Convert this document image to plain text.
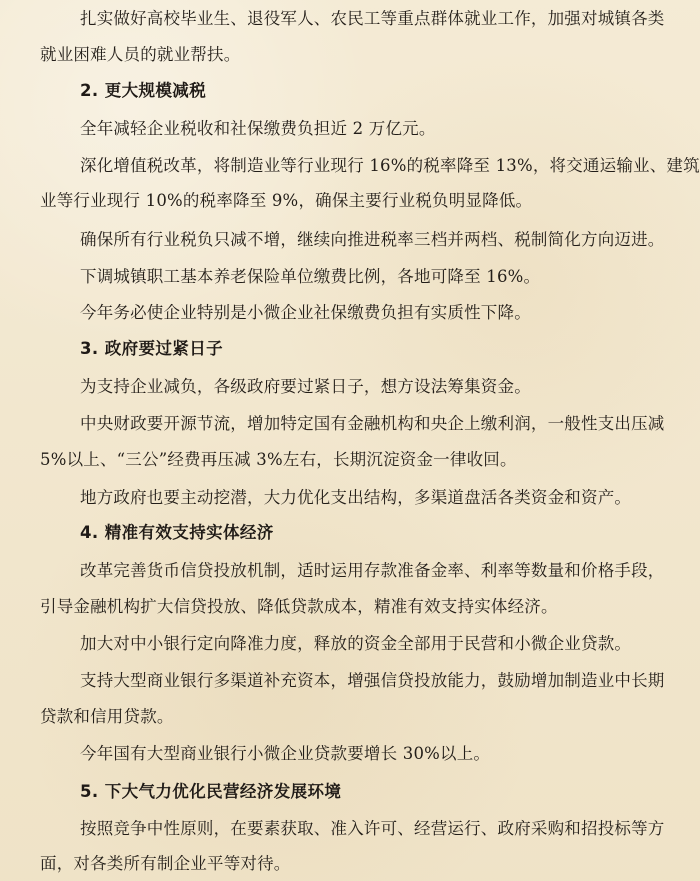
扎实做好高校毕业生、退役军人、农民工等重点群体就业工作，加强对城镇各类

就业困难人员的就业帮扶。

2. 更大规模减税

全年减轻企业税收和社保缴费负担近 2 万亿元。

深化增值税改革，将制造业等行业现行 16%的税率降至 13%，将交通运输业、建筑

业等行业现行 10%的税率降至 9%，确保主要行业税负明显降低。

确保所有行业税负只减不增，继续向推进税率三档并两档、税制简化方向迈进。

下调城镇职工基本养老保险单位缴费比例，各地可降至 16%。

今年务必使企业特别是小微企业社保缴费负担有实质性下降。

3. 政府要过紧日子

为支持企业减负，各级政府要过紧日子，想方设法筹集资金。

中央财政要开源节流，增加特定国有金融机构和央企上缴利润，一般性支出压减

5%以上、“三公”经费再压减 3%左右，长期沉淀资金一律收回。

地方政府也要主动挖潜，大力优化支出结构，多渠道盘活各类资金和资产。

4. 精准有效支持实体经济

改革完善货币信贷投放机制，适时运用存款准备金率、利率等数量和价格手段，

引导金融机构扩大信贷投放、降低贷款成本，精准有效支持实体经济。

加大对中小银行定向降准力度，释放的资金全部用于民营和小微企业贷款。

支持大型商业银行多渠道补充资本，增强信贷投放能力，鼓励增加制造业中长期

贷款和信用贷款。

今年国有大型商业银行小微企业贷款要增长 30%以上。

5. 下大气力优化民营经济发展环境

按照竞争中性原则，在要素获取、准入许可、经营运行、政府采购和招投标等方

面，对各类所有制企业平等对待。
